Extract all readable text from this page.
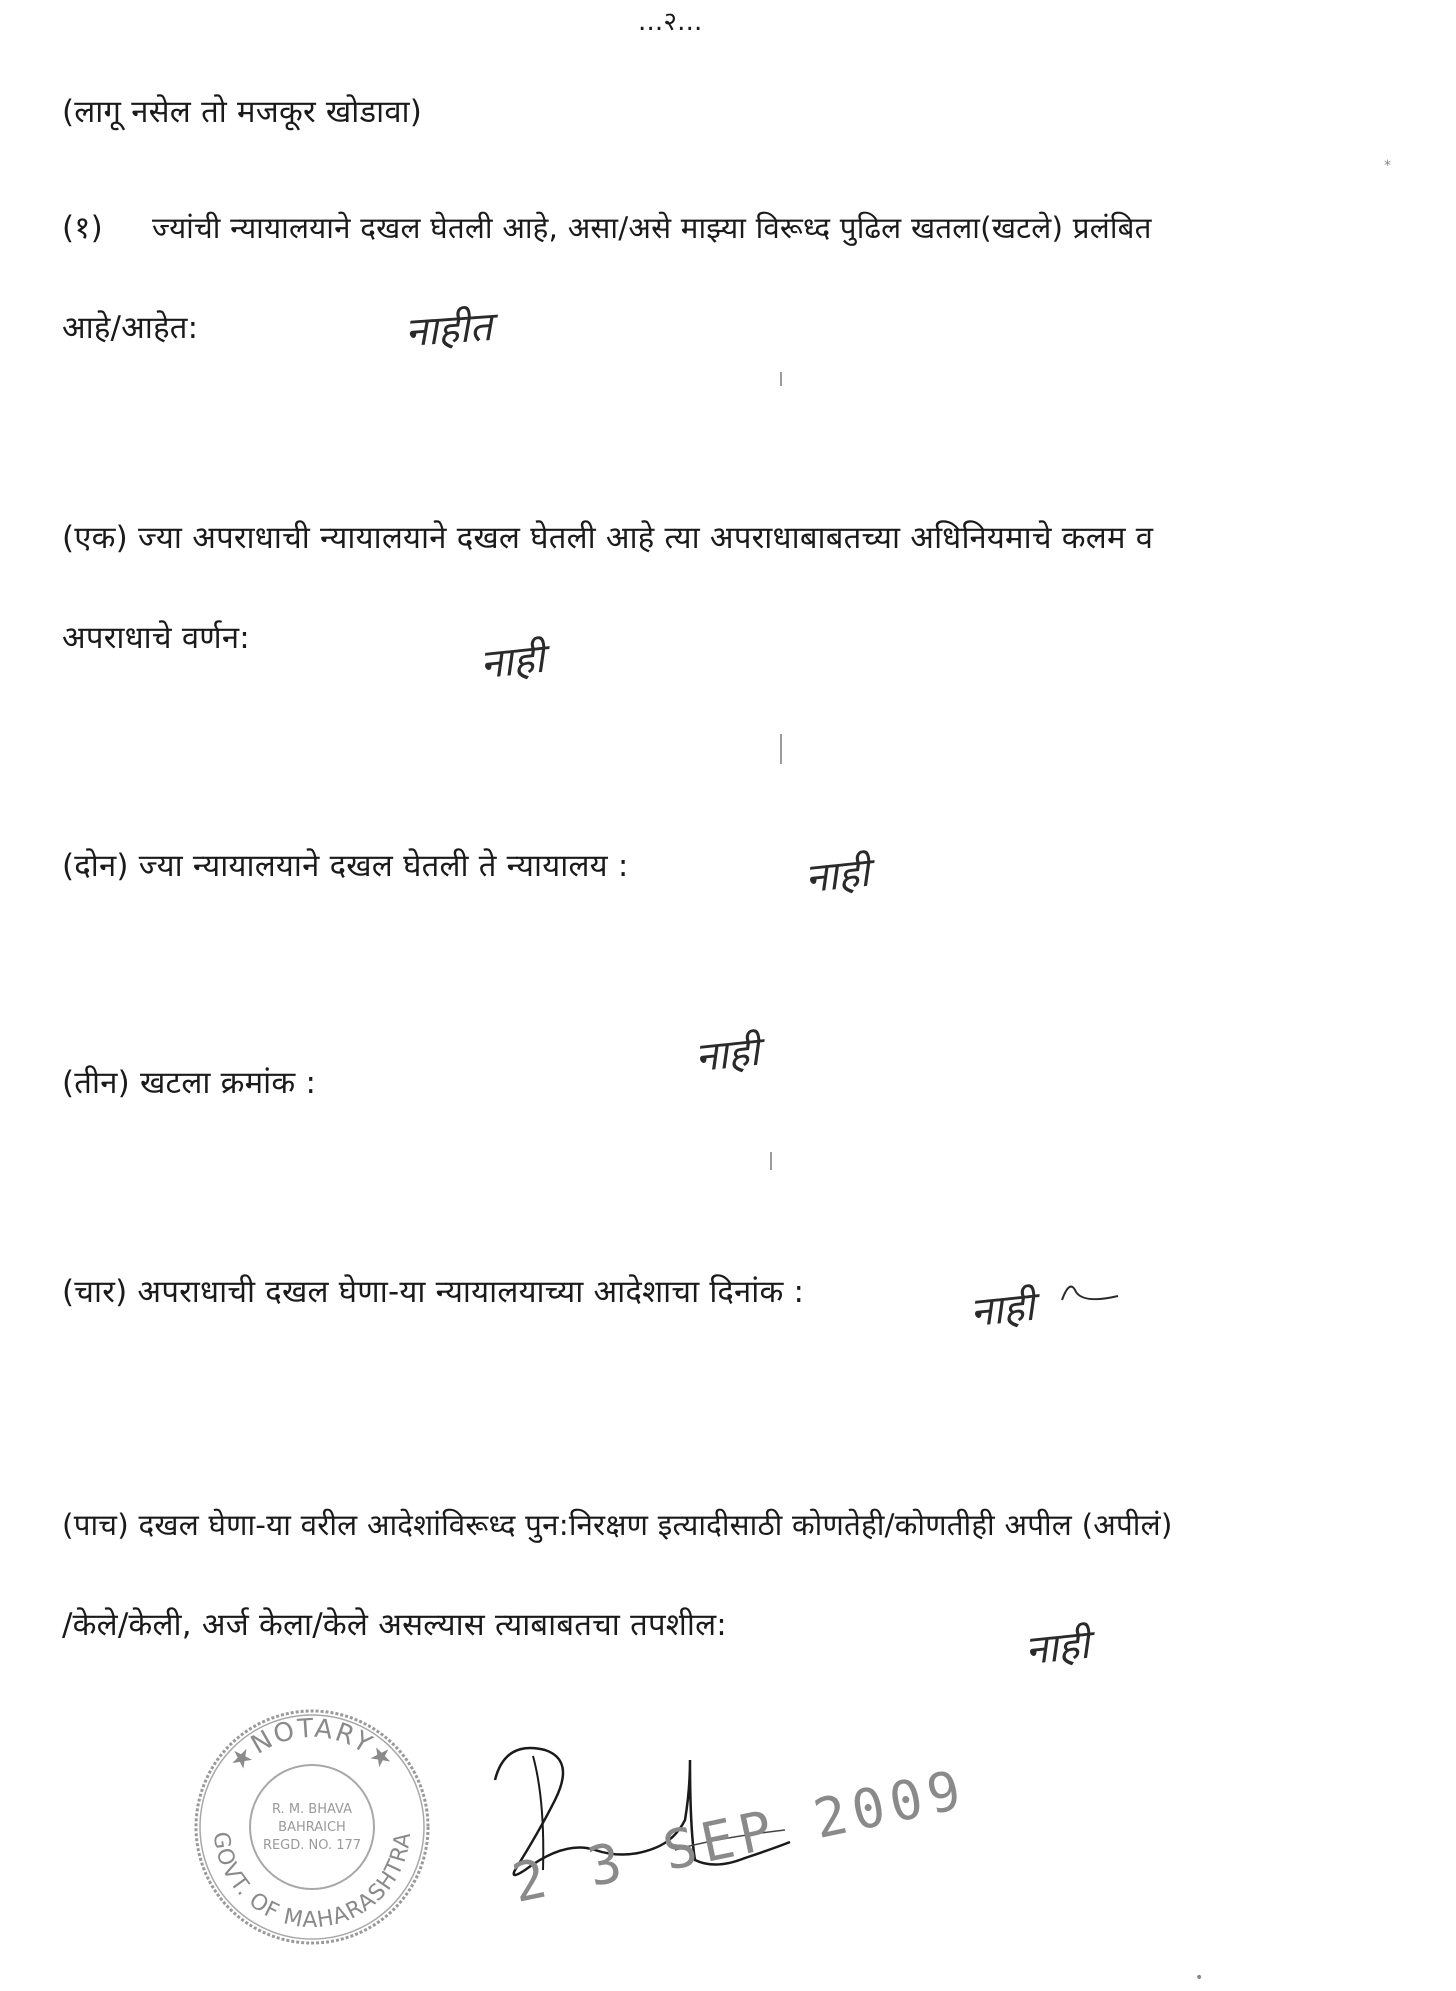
...२...
(लागू नसेल तो मजकूर खोडावा)
(१) ज्यांची न्यायालयाने दखल घेतली आहे, असा/असे माझ्या विरूध्द पुढिल खतला(खटले) प्रलंबित
आहे/आहेत:	नाहीत
(एक) ज्या अपराधाची न्यायालयाने दखल घेतली आहे त्या अपराधाबाबतच्या अधिनियमाचे कलम व
अपराधाचे वर्णन:	नाही
(दोन) ज्या न्यायालयाने दखल घेतली ते न्यायालय :	नाही
नाही
(तीन) खटला क्रमांक :
(चार) अपराधाची दखल घेणा-या न्यायालयाच्या आदेशाचा दिनांक :	नाही
(पाच) दखल घेणा-या वरील आदेशांविरूध्द पुन:निरक्षण इत्यादीसाठी कोणतेही/कोणतीही अपील (अपीलं)
/केले/केली, अर्ज केला/केले असल्यास त्याबाबतचा तपशील:	नाही
*
•
★NOTARY★
GOVT. OF MAHARASHTRA
R. M. BHAVA
BAHRAICH
REGD. NO. 177	2 3 SEP 2009
